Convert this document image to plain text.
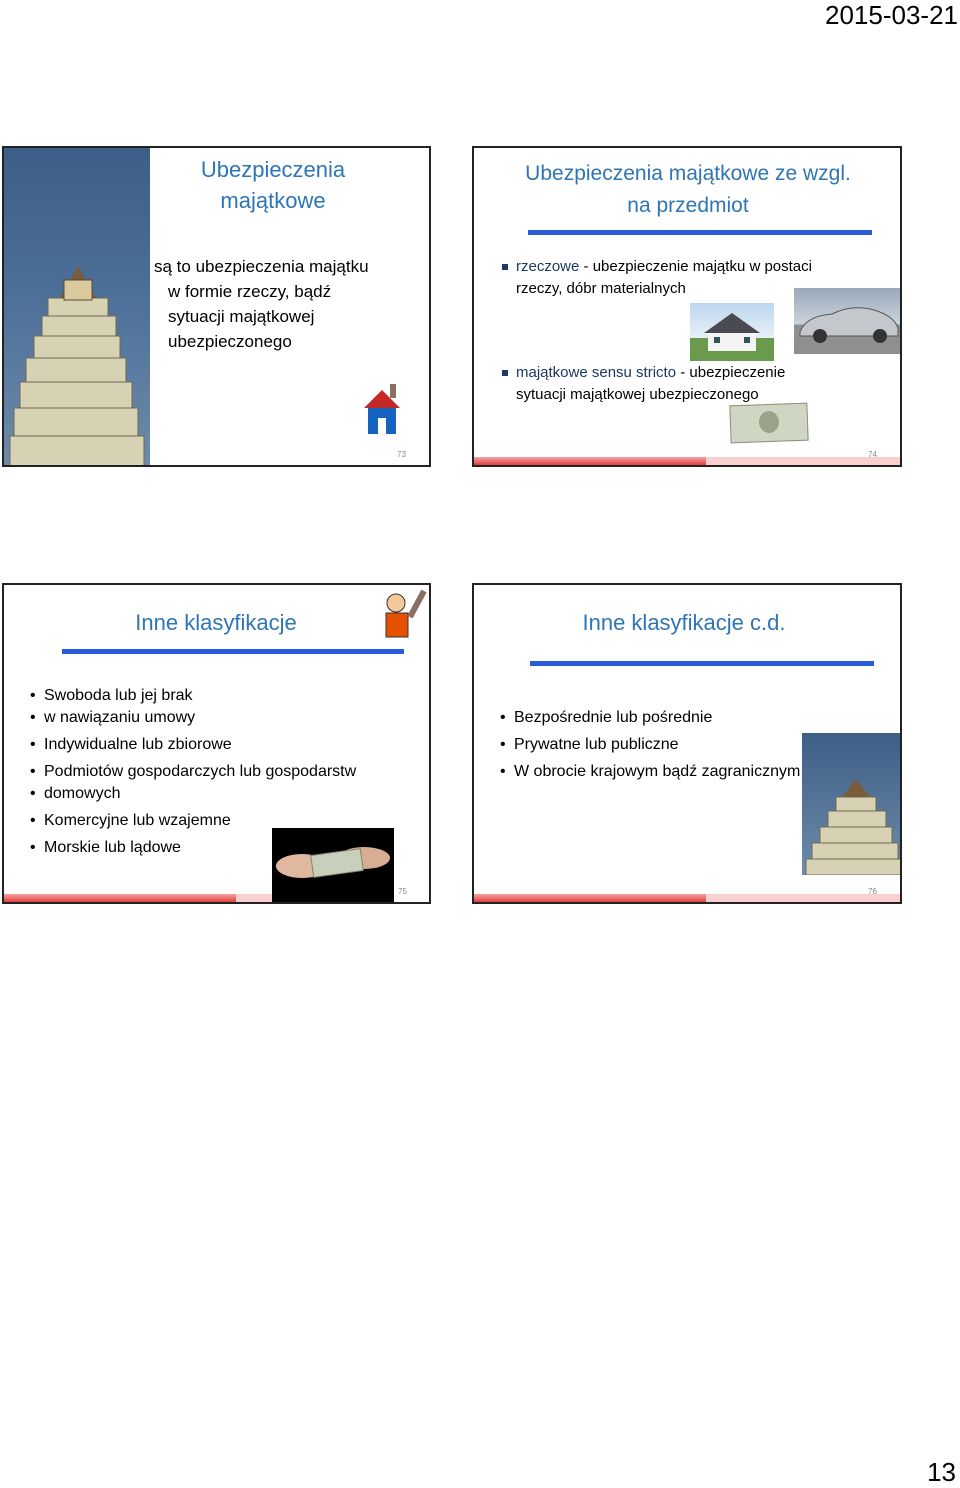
2015-03-21
Ubezpieczenia
majątkowe
są to ubezpieczenia majątku
w formie rzeczy, bądź
sytuacji majątkowej
ubezpieczonego
73
Ubezpieczenia majątkowe ze wzgl.
na przedmiot
rzeczowe - ubezpieczenie majątku w postaci
rzeczy, dóbr materialnych
majątkowe sensu stricto - ubezpieczenie
sytuacji majątkowej ubezpieczonego
74
Inne klasyfikacje
• Swoboda lub jej brak
• w nawiązaniu umowy
• Indywidualne lub zbiorowe
• Podmiotów gospodarczych lub gospodarstw
• domowych
• Komercyjne lub wzajemne
• Morskie lub lądowe
75
Inne klasyfikacje c.d.
• Bezpośrednie lub pośrednie
• Prywatne lub publiczne
• W obrocie krajowym bądź zagranicznym
76
13
